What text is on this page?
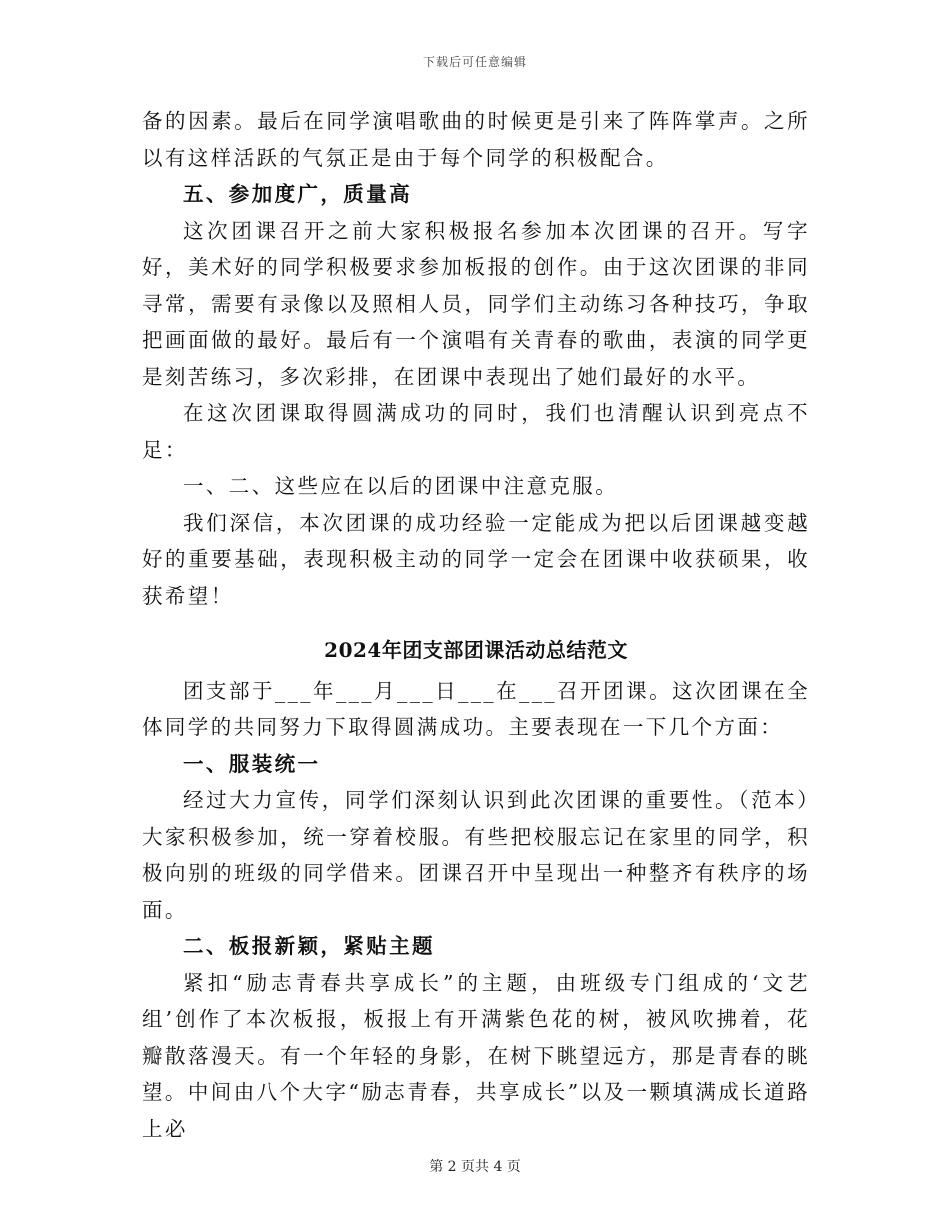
下载后可任意编辑

备的因素。最后在同学演唱歌曲的时候更是引来了阵阵掌声。之所以有这样活跃的气氛正是由于每个同学的积极配合。

五、参加度广，质量高

这次团课召开之前大家积极报名参加本次团课的召开。写字好，美术好的同学积极要求参加板报的创作。由于这次团课的非同寻常，需要有录像以及照相人员，同学们主动练习各种技巧，争取把画面做的最好。最后有一个演唱有关青春的歌曲，表演的同学更是刻苦练习，多次彩排，在团课中表现出了她们最好的水平。

在这次团课取得圆满成功的同时，我们也清醒认识到亮点不足：

一、二、这些应在以后的团课中注意克服。

我们深信，本次团课的成功经验一定能成为把以后团课越变越好的重要基础，表现积极主动的同学一定会在团课中收获硕果，收获希望！

2024年团支部团课活动总结范文

团支部于___年___月___日___在___召开团课。这次团课在全体同学的共同努力下取得圆满成功。主要表现在一下几个方面：

一、服装统一

经过大力宣传，同学们深刻认识到此次团课的重要性。（范本）大家积极参加，统一穿着校服。有些把校服忘记在家里的同学，积极向别的班级的同学借来。团课召开中呈现出一种整齐有秩序的场面。

二、板报新颖，紧贴主题

紧扣“励志青春共享成长”的主题，由班级专门组成的‘文艺组’创作了本次板报，板报上有开满紫色花的树，被风吹拂着，花瓣散落漫天。有一个年轻的身影，在树下眺望远方，那是青春的眺望。中间由八个大字“励志青春，共享成长”以及一颗填满成长道路上必

第 2 页共 4 页
